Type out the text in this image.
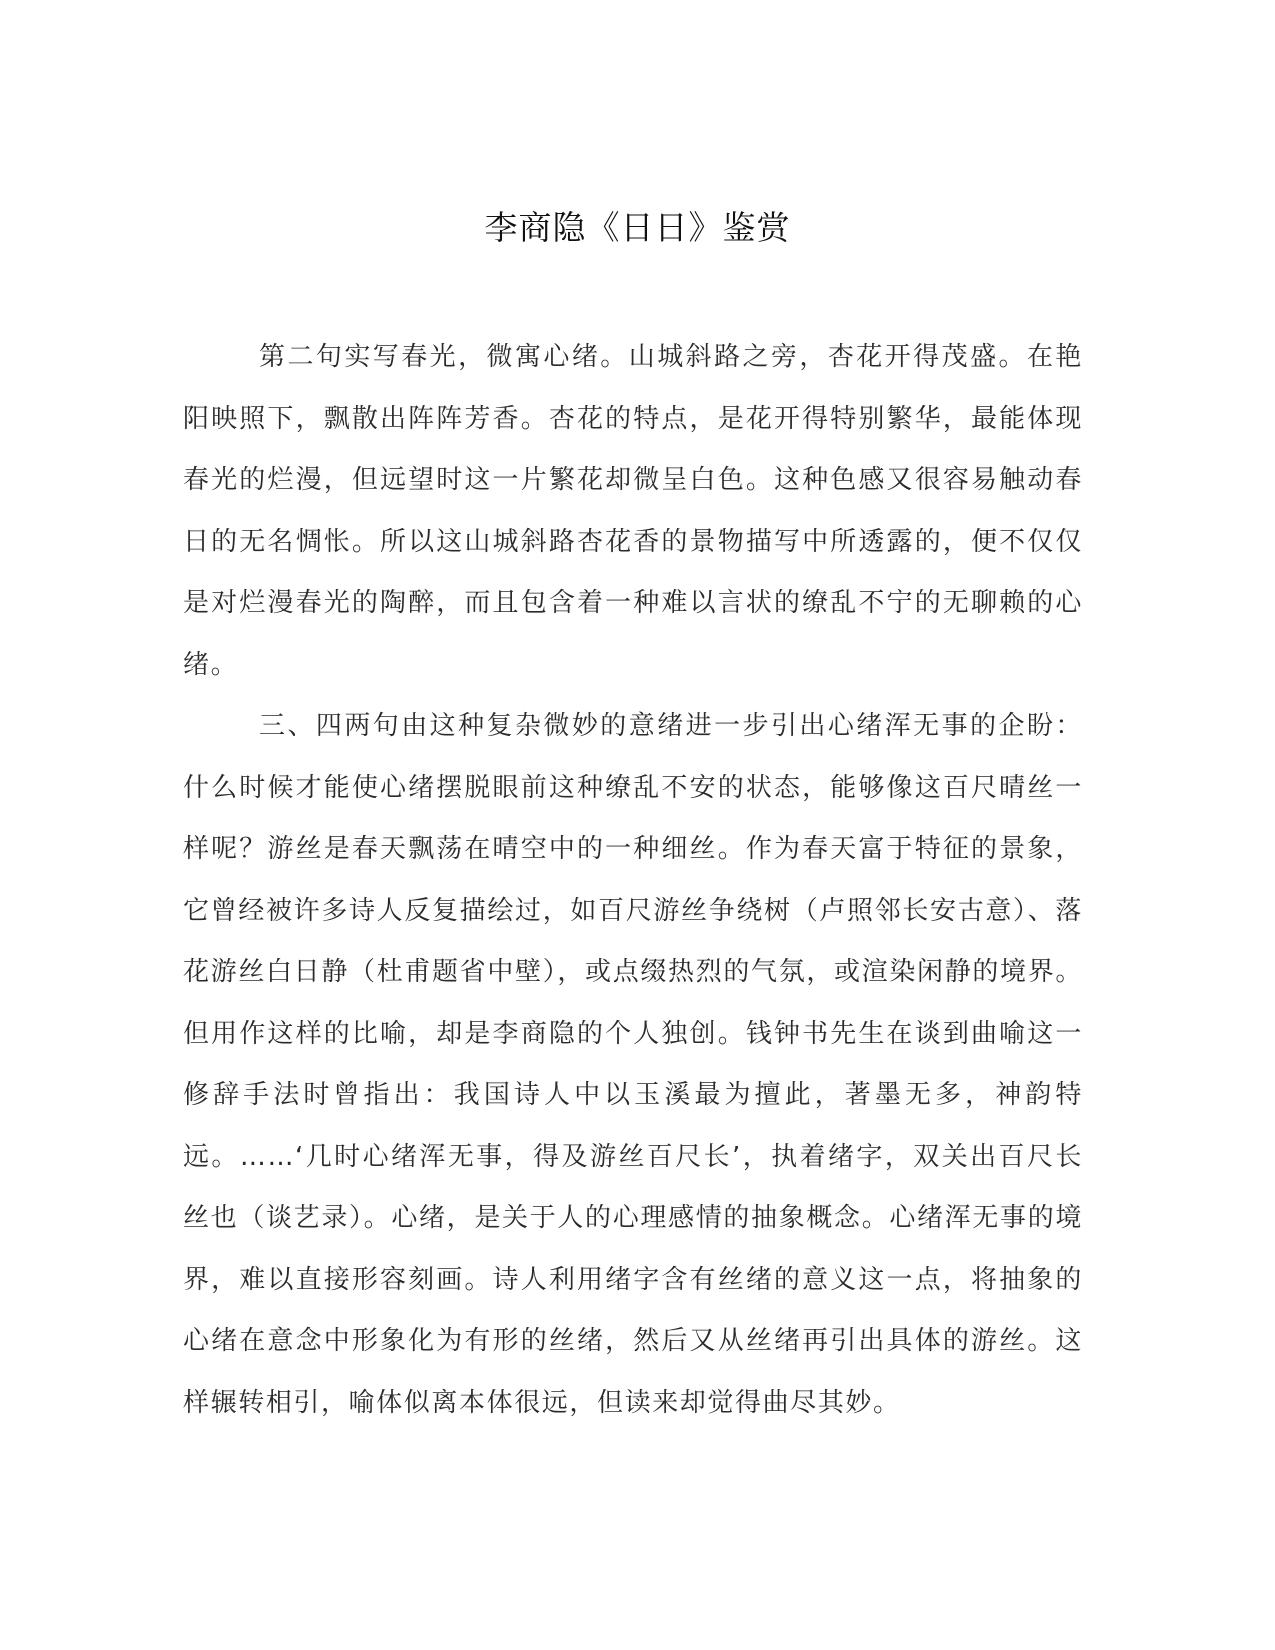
李商隐《日日》鉴赏

第二句实写春光，微寓心绪。山城斜路之旁，杏花开得茂盛。在艳阳映照下，飘散出阵阵芳香。杏花的特点，是花开得特别繁华，最能体现春光的烂漫，但远望时这一片繁花却微呈白色。这种色感又很容易触动春日的无名惆怅。所以这山城斜路杏花香的景物描写中所透露的，便不仅仅是对烂漫春光的陶醉，而且包含着一种难以言状的缭乱不宁的无聊赖的心绪。

三、四两句由这种复杂微妙的意绪进一步引出心绪浑无事的企盼：什么时候才能使心绪摆脱眼前这种缭乱不安的状态，能够像这百尺晴丝一样呢？游丝是春天飘荡在晴空中的一种细丝。作为春天富于特征的景象，它曾经被许多诗人反复描绘过，如百尺游丝争绕树（卢照邻长安古意）、落花游丝白日静（杜甫题省中壁），或点缀热烈的气氛，或渲染闲静的境界。但用作这样的比喻，却是李商隐的个人独创。钱钟书先生在谈到曲喻这一修辞手法时曾指出：我国诗人中以玉溪最为擅此，著墨无多，神韵特远。……‘几时心绪浑无事，得及游丝百尺长’，执着绪字，双关出百尺长丝也（谈艺录）。心绪，是关于人的心理感情的抽象概念。心绪浑无事的境界，难以直接形容刻画。诗人利用绪字含有丝绪的意义这一点，将抽象的心绪在意念中形象化为有形的丝绪，然后又从丝绪再引出具体的游丝。这样辗转相引，喻体似离本体很远，但读来却觉得曲尽其妙。
